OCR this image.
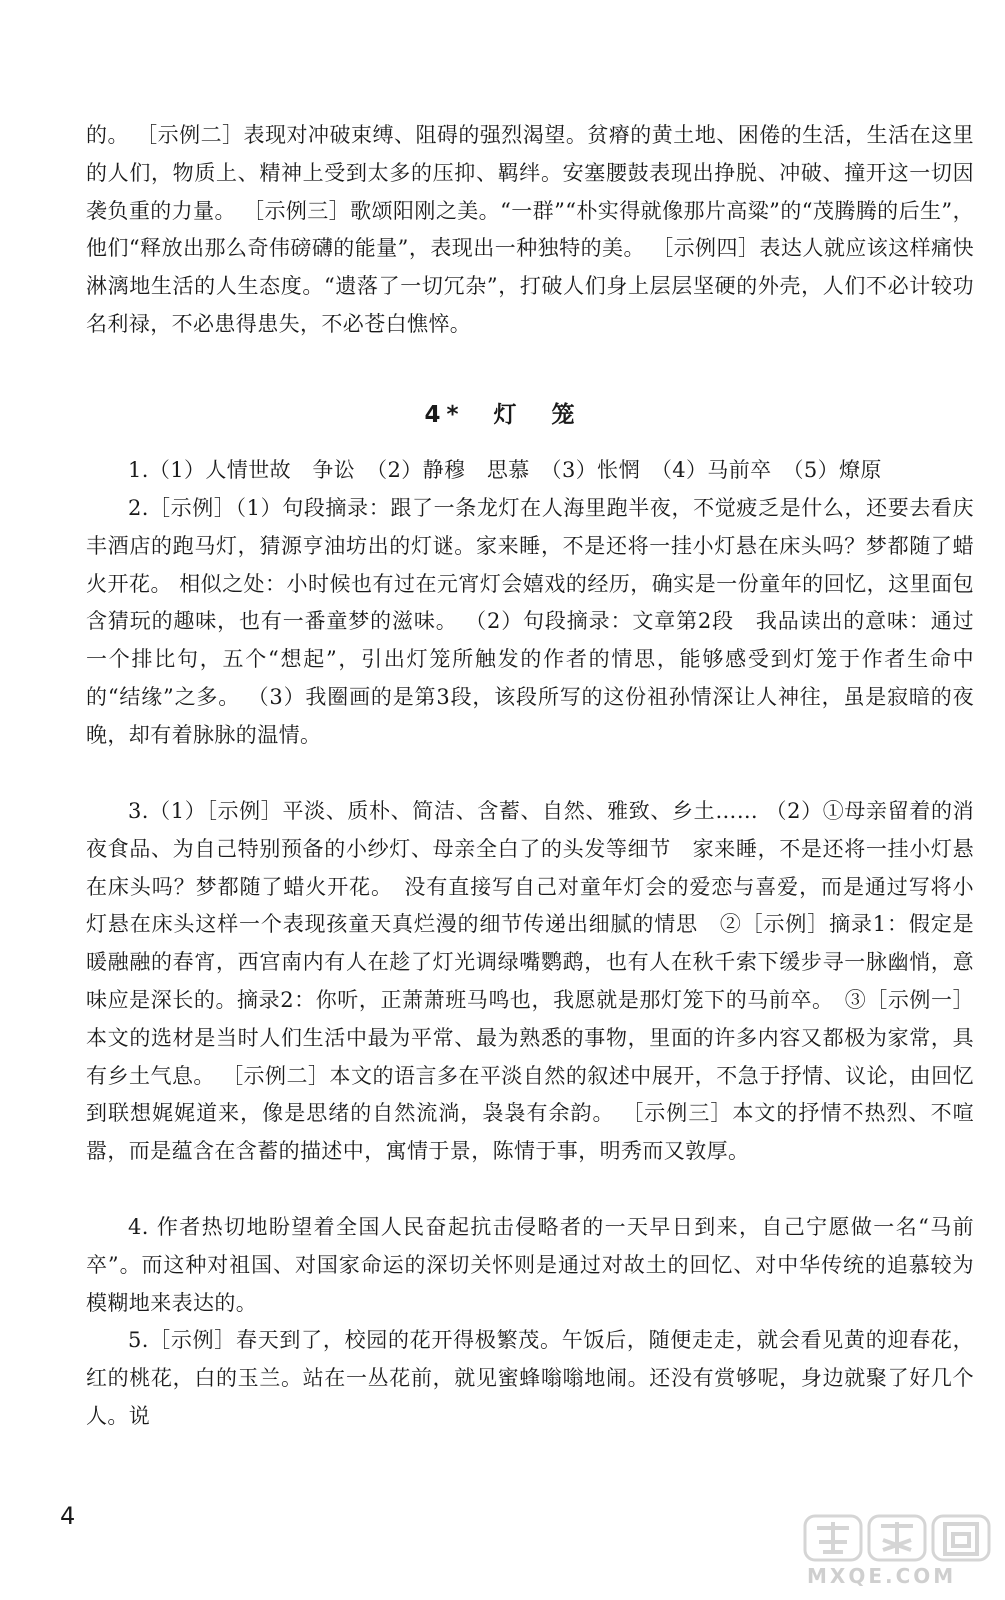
的。 ［示例二］表现对冲破束缚、阻碍的强烈渴望。贫瘠的黄土地、困倦的生活，生活在这里的人们，物质上、精神上受到太多的压抑、羁绊。安塞腰鼓表现出挣脱、冲破、撞开这一切因袭负重的力量。 ［示例三］歌颂阳刚之美。“一群”“朴实得就像那片高粱”的“茂腾腾的后生”，他们“释放出那么奇伟磅礴的能量”，表现出一种独特的美。 ［示例四］表达人就应该这样痛快淋漓地生活的人生态度。“遗落了一切冗杂”，打破人们身上层层坚硬的外壳，人们不必计较功名利禄，不必患得患失，不必苍白憔悴。

4*　灯　笼

1.（1）人情世故　争讼　（2）静穆　思慕　（3）怅惘　（4）马前卒　（5）燎原

2.［示例］（1）句段摘录：跟了一条龙灯在人海里跑半夜，不觉疲乏是什么，还要去看庆丰酒店的跑马灯，猜源亨油坊出的灯谜。家来睡，不是还将一挂小灯悬在床头吗？梦都随了蜡火开花。 相似之处：小时候也有过在元宵灯会嬉戏的经历，确实是一份童年的回忆，这里面包含猜玩的趣味，也有一番童梦的滋味。 （2）句段摘录：文章第2段　我品读出的意味：通过一个排比句，五个“想起”，引出灯笼所触发的作者的情思，能够感受到灯笼于作者生命中的“结缘”之多。 （3）我圈画的是第3段，该段所写的这份祖孙情深让人神往，虽是寂暗的夜晚，却有着脉脉的温情。

3.（1）［示例］平淡、质朴、简洁、含蓄、自然、雅致、乡土…… （2）①母亲留着的消夜食品、为自己特别预备的小纱灯、母亲全白了的头发等细节　家来睡，不是还将一挂小灯悬在床头吗？梦都随了蜡火开花。　没有直接写自己对童年灯会的爱恋与喜爱，而是通过写将小灯悬在床头这样一个表现孩童天真烂漫的细节传递出细腻的情思　②［示例］摘录1：假定是暖融融的春宵，西宫南内有人在趁了灯光调绿嘴鹦鹉，也有人在秋千索下缓步寻一脉幽悄，意味应是深长的。摘录2：你听，正萧萧班马鸣也，我愿就是那灯笼下的马前卒。　③［示例一］本文的选材是当时人们生活中最为平常、最为熟悉的事物，里面的许多内容又都极为家常，具有乡土气息。 ［示例二］本文的语言多在平淡自然的叙述中展开，不急于抒情、议论，由回忆到联想娓娓道来，像是思绪的自然流淌，袅袅有余韵。 ［示例三］本文的抒情不热烈、不喧嚣，而是蕴含在含蓄的描述中，寓情于景，陈情于事，明秀而又敦厚。

4. 作者热切地盼望着全国人民奋起抗击侵略者的一天早日到来，自己宁愿做一名“马前卒”。而这种对祖国、对国家命运的深切关怀则是通过对故土的回忆、对中华传统的追慕较为模糊地来表达的。

5.［示例］春天到了，校园的花开得极繁茂。午饭后，随便走走，就会看见黄的迎春花，红的桃花，白的玉兰。站在一丛花前，就见蜜蜂嗡嗡地闹。还没有赏够呢，身边就聚了好几个人。说

4
MXQE.COM
